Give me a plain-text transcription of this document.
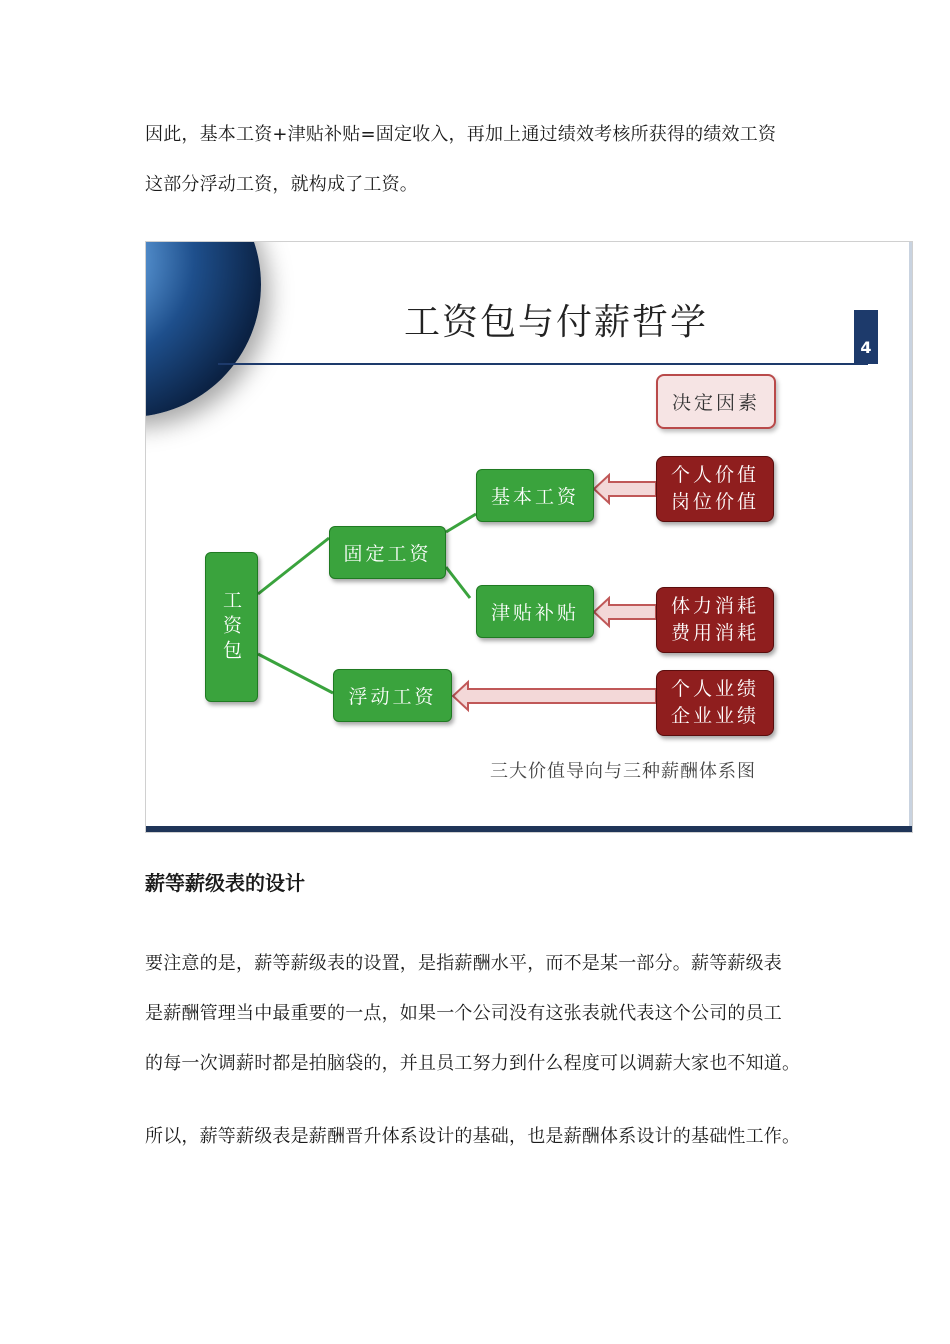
因此，基本工资+津贴补贴=固定收入，再加上通过绩效考核所获得的绩效工资

这部分浮动工资，就构成了工资。

工资包与付薪哲学
4
决定因素
工资包
固定工资
浮动工资
基本工资
津贴补贴
个人价值
岗位价值
体力消耗
费用消耗
个人业绩
企业业绩
三大价值导向与三种薪酬体系图
薪等薪级表的设计

要注意的是，薪等薪级表的设置，是指薪酬水平，而不是某一部分。薪等薪级表

是薪酬管理当中最重要的一点，如果一个公司没有这张表就代表这个公司的员工

的每一次调薪时都是拍脑袋的，并且员工努力到什么程度可以调薪大家也不知道。

所以，薪等薪级表是薪酬晋升体系设计的基础，也是薪酬体系设计的基础性工作。
